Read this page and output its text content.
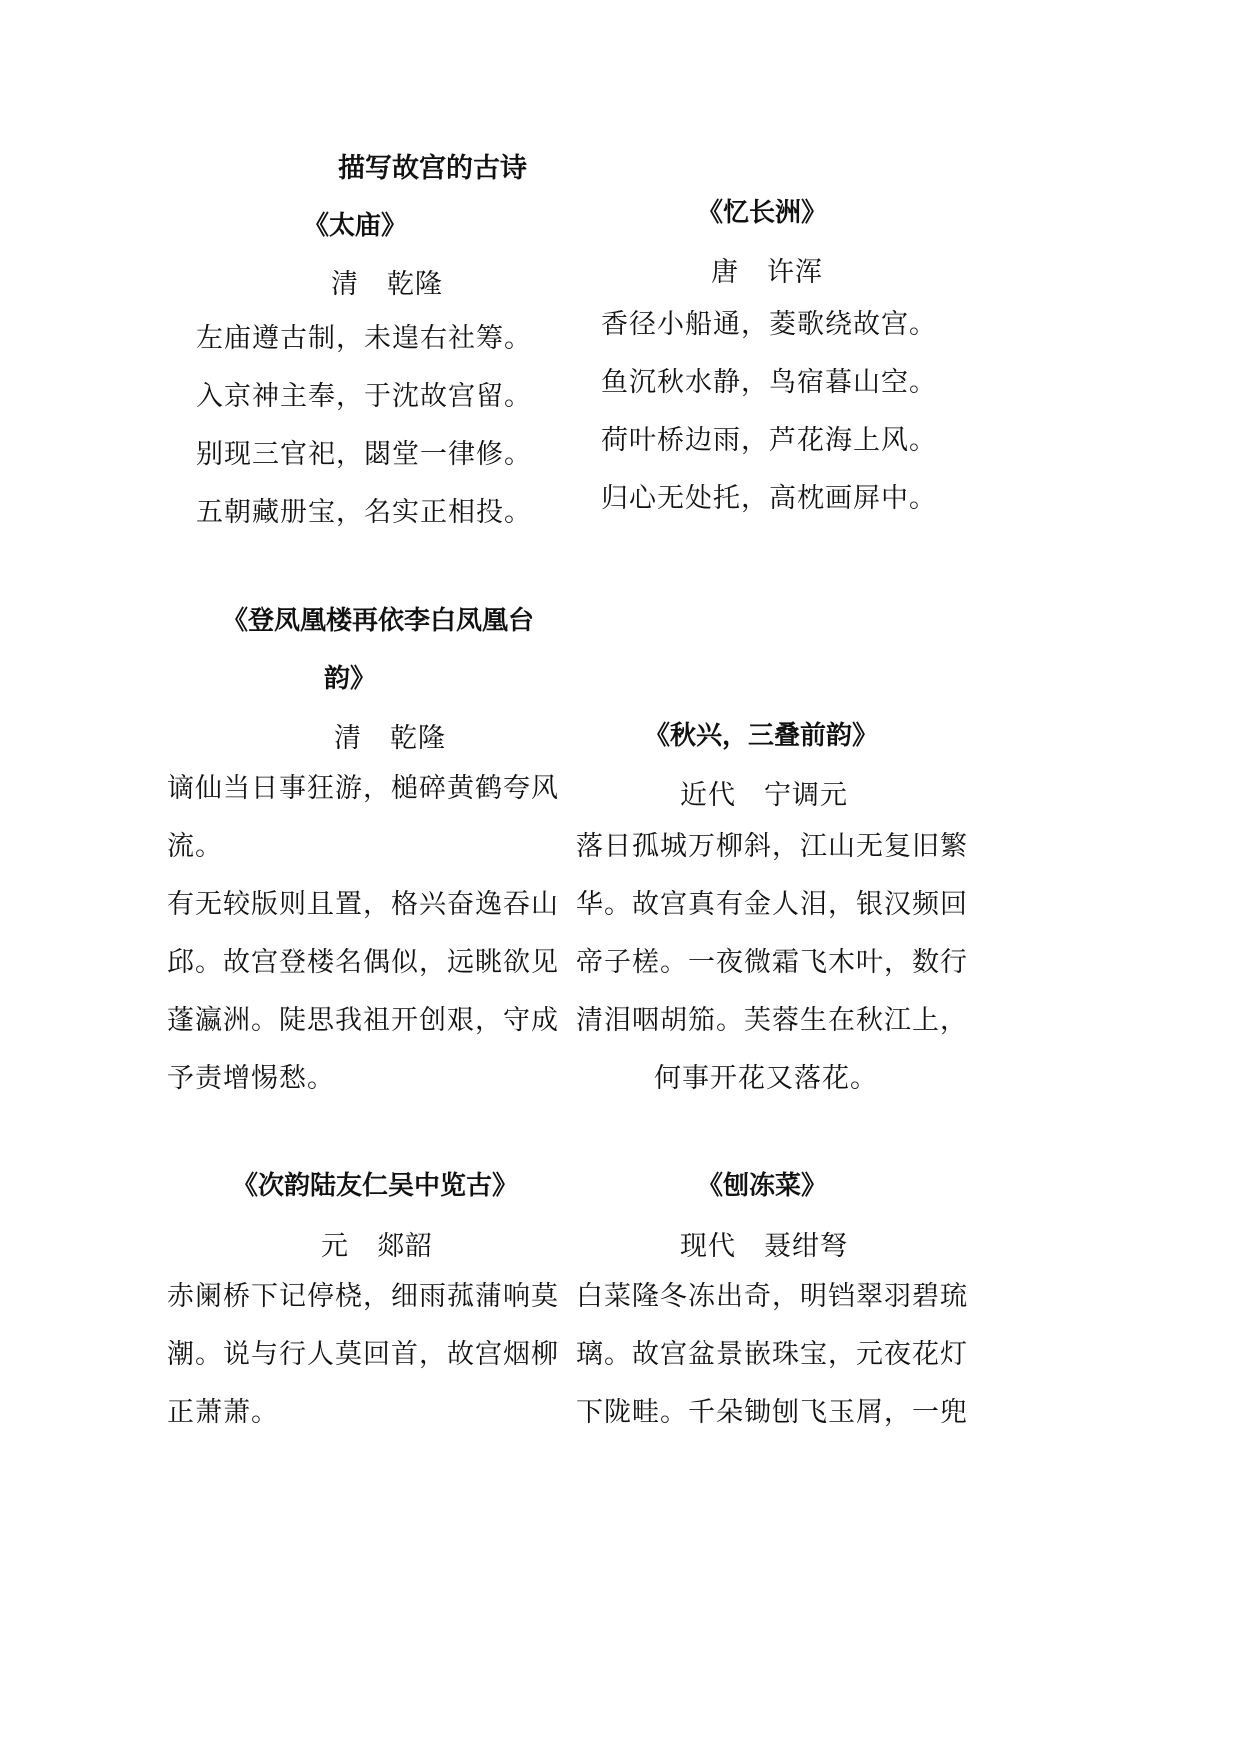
描写故宫的古诗
《太庙》
清　乾隆
左庙遵古制，未遑右社筹。
入京神主奉，于沈故宫留。
别现三官祀，閟堂一律修。
五朝藏册宝，名实正相投。
《忆长洲》
唐　许浑
香径小船通，菱歌绕故宫。
鱼沉秋水静，鸟宿暮山空。
荷叶桥边雨，芦花海上风。
归心无处托，高枕画屏中。
《登凤凰楼再依李白凤凰台
韵》
清　乾隆
谪仙当日事狂游，槌碎黄鹤夸风
流。
有无较版则且置，格兴奋逸吞山
邱。故宫登楼名偶似，远眺欲见
蓬瀛洲。陡思我祖开创艰，守成
予责增惕愁。
《秋兴，三叠前韵》
近代　宁调元
落日孤城万柳斜，江山无复旧繁
华。故宫真有金人泪，银汉频回
帝子槎。一夜微霜飞木叶，数行
清泪咽胡笳。芙蓉生在秋江上，
何事开花又落花。
《次韵陆友仁吴中览古》
元　郯韶
赤阑桥下记停桡，细雨菰蒲响莫
潮。说与行人莫回首，故宫烟柳
正萧萧。
《刨冻菜》
现代　聂绀弩
白菜隆冬冻出奇，明铛翠羽碧琉
璃。故宫盆景嵌珠宝，元夜花灯
下陇畦。千朵锄刨飞玉屑，一兜
